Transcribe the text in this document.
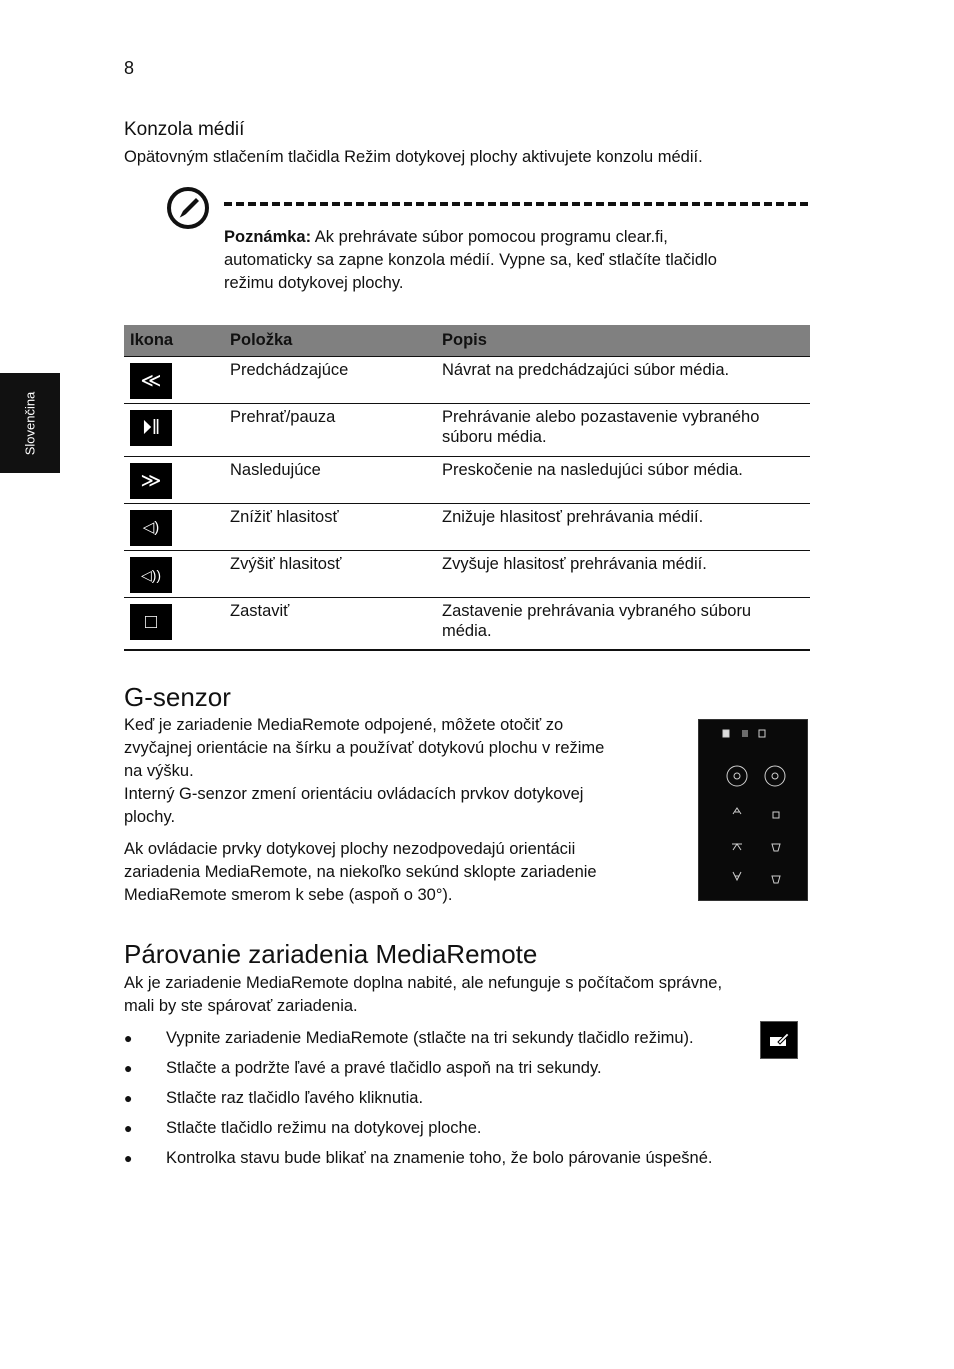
8
Slovenčina
Konzola médií
Opätovným stlačením tlačidla Režim dotykovej plochy aktivujete konzolu médií.
Poznámka: Ak prehrávate súbor pomocou programu clear.fi,
automaticky sa zapne konzola médií. Vypne sa, keď stlačíte tlačidlo
režimu dotykovej plochy.
Ikona	Položka	Popis

≪	Predchádzajúce	Návrat na predchádzajúci súbor média.

⏵‖	Prehrať/pauza	Prehrávanie alebo pozastavenie vybraného
súboru média.

≫	Nasledujúce	Preskočenie na nasledujúci súbor média.

◁)	Znížiť hlasitosť	Znižuje hlasitosť prehrávania médií.

◁))	Zvýšiť hlasitosť	Zvyšuje hlasitosť prehrávania médií.

□	Zastaviť	Zastavenie prehrávania vybraného súboru
média.
G-senzor
Keď je zariadenie MediaRemote odpojené, môžete otočiť zo
zvyčajnej orientácie na šírku a používať dotykovú plochu v režime
na výšku.
Interný G-senzor zmení orientáciu ovládacích prvkov dotykovej
plochy.
Ak ovládacie prvky dotykovej plochy nezodpovedajú orientácii
zariadenia MediaRemote, na niekoľko sekúnd sklopte zariadenie
MediaRemote smerom k sebe (aspoň o 30°).
Párovanie zariadenia MediaRemote
Ak je zariadenie MediaRemote doplna nabité, ale nefunguje s počítačom správne,
mali by ste spárovať zariadenia.
● Vypnite zariadenie MediaRemote (stlačte na tri sekundy tlačidlo režimu).
● Stlačte a podržte ľavé a pravé tlačidlo aspoň na tri sekundy.
● Stlačte raz tlačidlo ľavého kliknutia.
● Stlačte tlačidlo režimu na dotykovej ploche.
● Kontrolka stavu bude blikať na znamenie toho, že bolo párovanie úspešné.
